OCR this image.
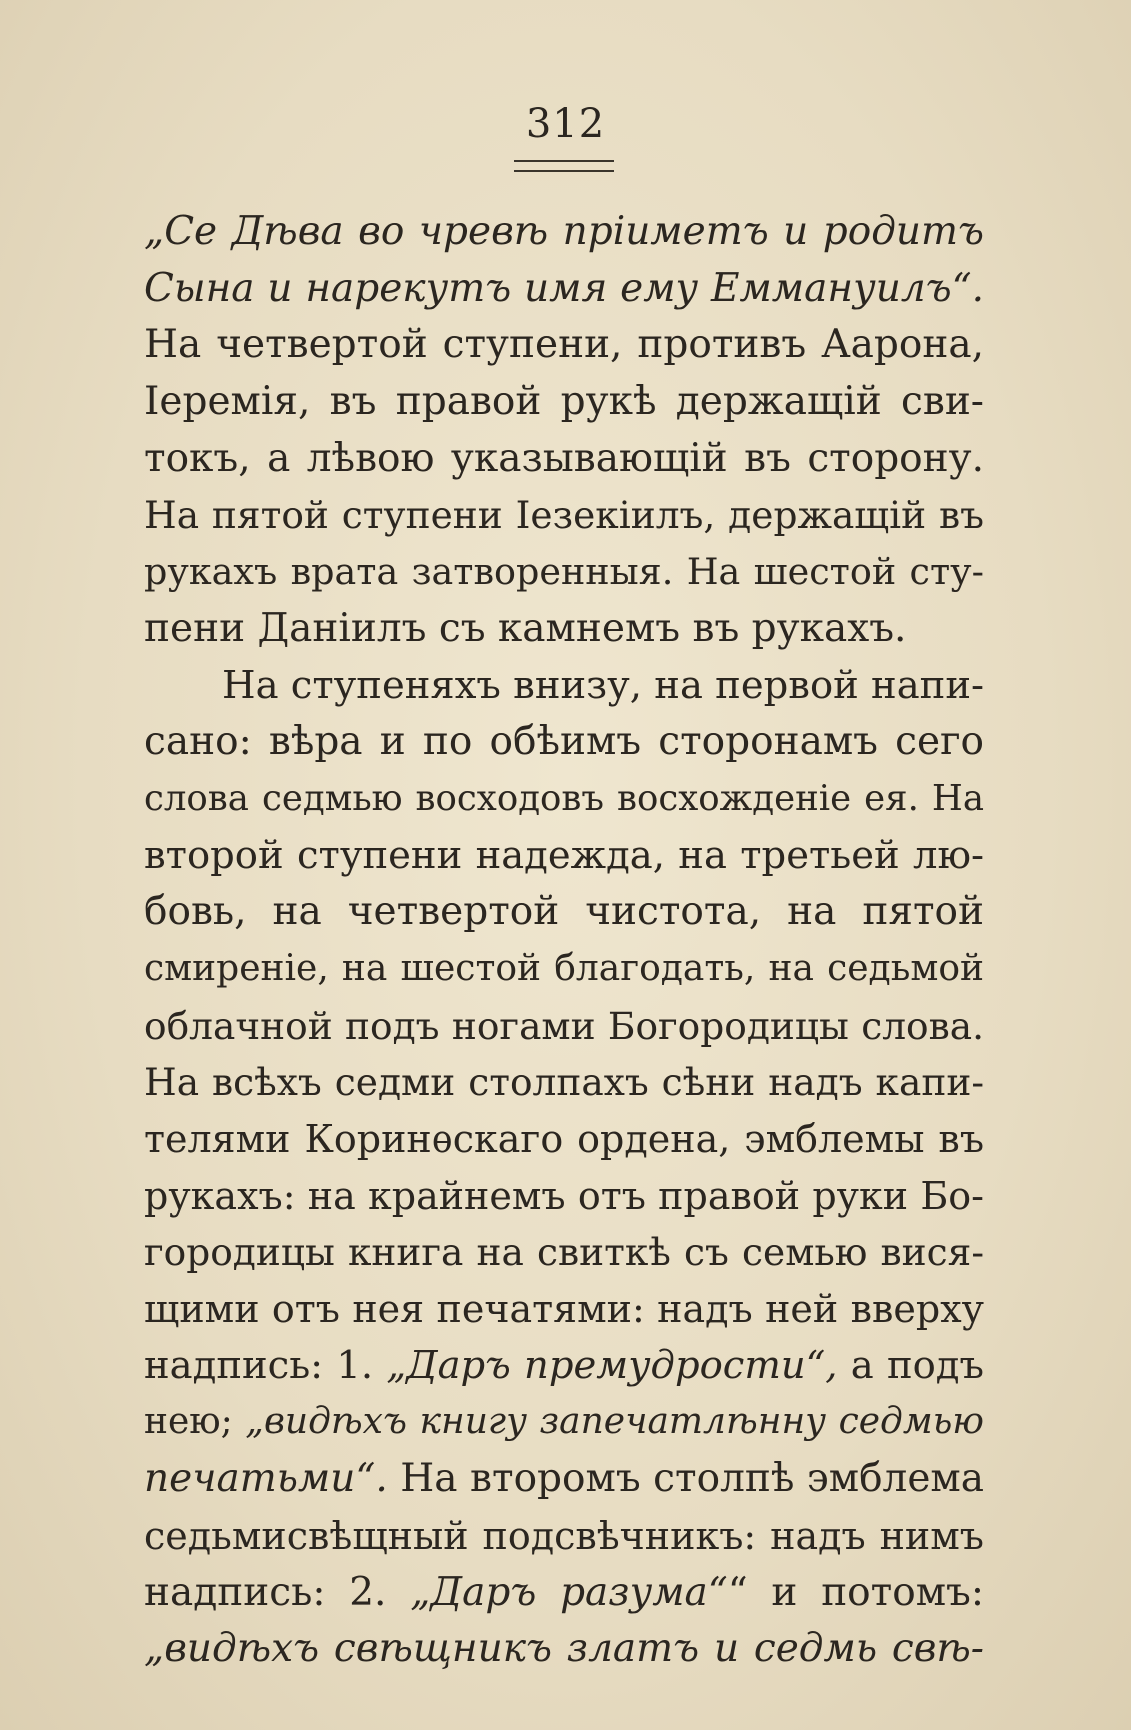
312
„Се Дѣва во чревѣ пріиметъ и родитъ
Сына и нарекутъ имя ему Еммануилъ“.
На четвертой ступени, противъ Аарона,
Іеремія, въ правой рукѣ держащій сви-
токъ, а лѣвою указывающій въ сторону.
На пятой ступени Іезекіилъ, держащій въ
рукахъ врата затворенныя. На шестой сту-
пени Даніилъ съ камнемъ въ рукахъ.
На ступеняхъ внизу, на первой напи-
сано: вѣра и по обѣимъ сторонамъ сего
слова седмью восходовъ восхожденіе ея. На
второй ступени надежда, на третьей лю-
бовь, на четвертой чистота, на пятой
смиреніе, на шестой благодать, на седьмой
облачной подъ ногами Богородицы слова.
На всѣхъ седми столпахъ сѣни надъ капи-
телями Коринѳскаго ордена, эмблемы въ
рукахъ: на крайнемъ отъ правой руки Бо-
городицы книга на свиткѣ съ семью вися-
щими отъ нея печатями: надъ ней вверху
надпись: 1. „Даръ премудрости“, а подъ
нею; „видѣхъ книгу запечатлѣнну седмью
печатьми“. На второмъ столпѣ эмблема
седьмисвѣщный подсвѣчникъ: надъ нимъ
надпись: 2. „Даръ разума““ и потомъ:
„видѣхъ свѣщникъ златъ и седмь свѣ-
